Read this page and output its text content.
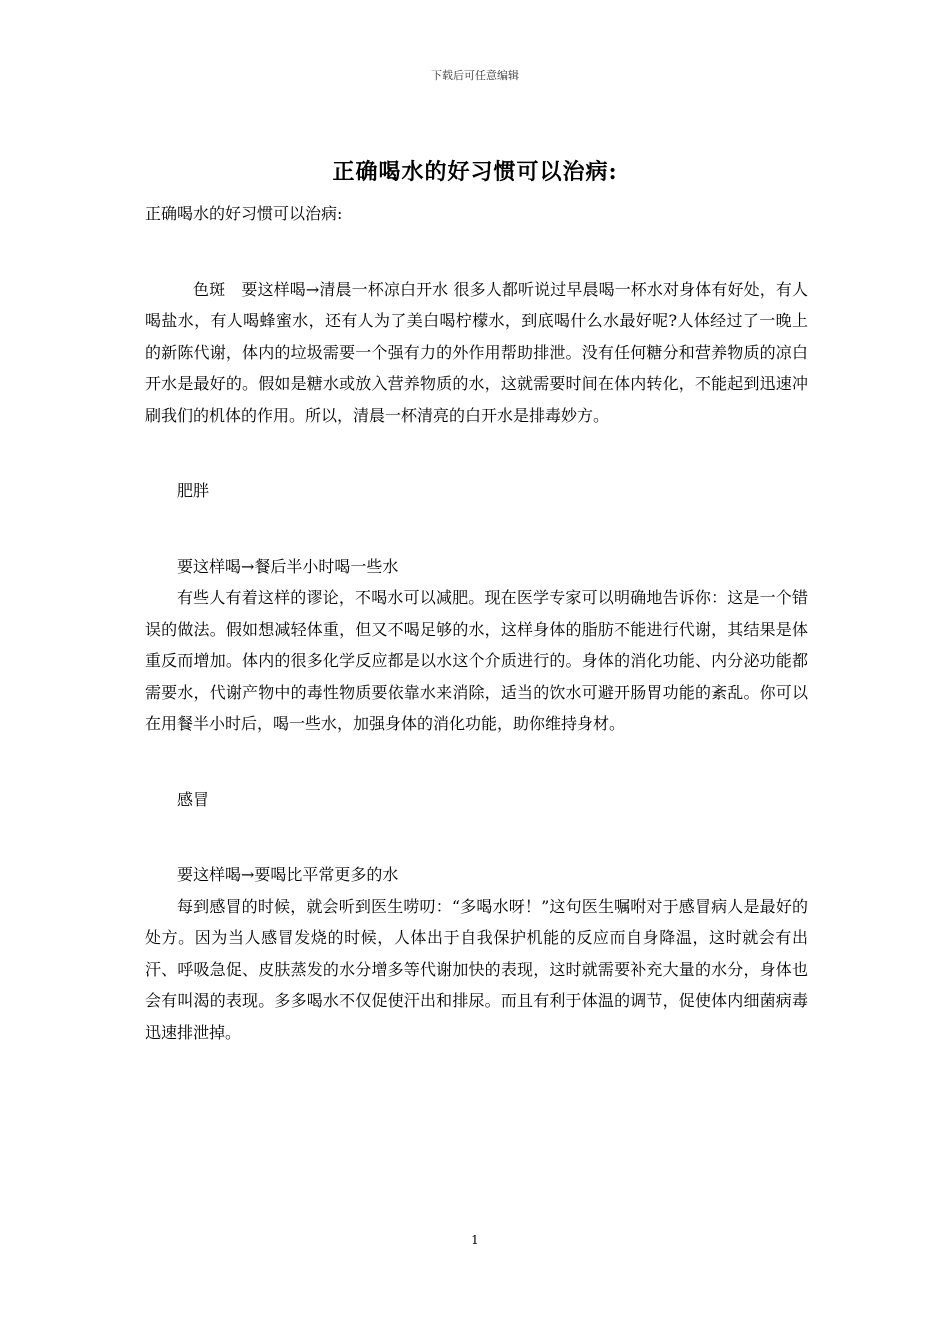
下载后可任意编辑
正确喝水的好习惯可以治病:

正确喝水的好习惯可以治病:

色斑　要这样喝→清晨一杯凉白开水 很多人都听说过早晨喝一杯水对身体有好处，有人喝盐水，有人喝蜂蜜水，还有人为了美白喝柠檬水，到底喝什么水最好呢?人体经过了一晚上的新陈代谢，体内的垃圾需要一个强有力的外作用帮助排泄。没有任何糖分和营养物质的凉白开水是最好的。假如是糖水或放入营养物质的水，这就需要时间在体内转化，不能起到迅速冲刷我们的机体的作用。所以，清晨一杯清亮的白开水是排毒妙方。

肥胖

要这样喝→餐后半小时喝一些水

有些人有着这样的谬论，不喝水可以减肥。现在医学专家可以明确地告诉你：这是一个错误的做法。假如想减轻体重，但又不喝足够的水，这样身体的脂肪不能进行代谢，其结果是体重反而增加。体内的很多化学反应都是以水这个介质进行的。身体的消化功能、内分泌功能都需要水，代谢产物中的毒性物质要依靠水来消除，适当的饮水可避开肠胃功能的紊乱。你可以在用餐半小时后，喝一些水，加强身体的消化功能，助你维持身材。

感冒

要这样喝→要喝比平常更多的水

每到感冒的时候，就会听到医生唠叨：“多喝水呀！”这句医生嘱咐对于感冒病人是最好的处方。因为当人感冒发烧的时候，人体出于自我保护机能的反应而自身降温，这时就会有出汗、呼吸急促、皮肤蒸发的水分增多等代谢加快的表现，这时就需要补充大量的水分，身体也会有叫渴的表现。多多喝水不仅促使汗出和排尿。而且有利于体温的调节，促使体内细菌病毒迅速排泄掉。

1
